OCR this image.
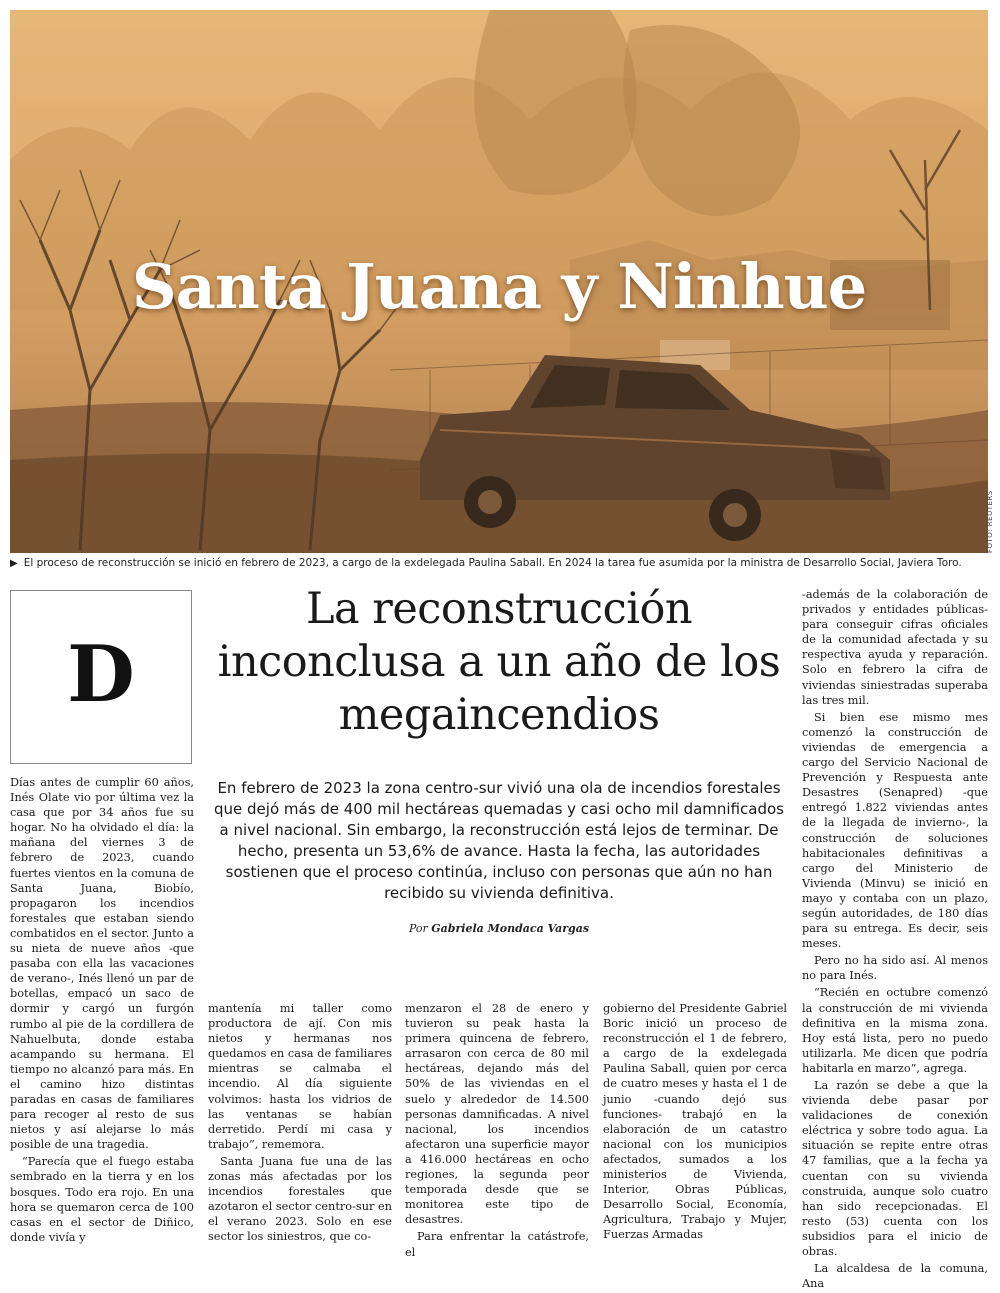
Santa Juana y Ninhue
FOTO: REUTERS
▶ El proceso de reconstrucción se inició en febrero de 2023, a cargo de la exdelegada Paulina Saball. En 2024 la tarea fue asumida por la ministra de Desarrollo Social, Javiera Toro.
D
La reconstrucción inconclusa a un año de los megaincendios
En febrero de 2023 la zona centro-sur vivió una ola de incendios forestales que dejó más de 400 mil hectáreas quemadas y casi ocho mil damnificados a nivel nacional. Sin embargo, la reconstrucción está lejos de terminar. De hecho, presenta un 53,6% de avance. Hasta la fecha, las autoridades sostienen que el proceso continúa, incluso con personas que aún no han recibido su vivienda definitiva.
Por Gabriela Mondaca Vargas

Días antes de cumplir 60 años, Inés Olate vio por última vez la casa que por 34 años fue su hogar. No ha olvidado el día: la mañana del viernes 3 de febrero de 2023, cuando fuertes vientos en la comuna de Santa Juana, Biobío, propagaron los incendios forestales que estaban siendo combatidos en el sector. Junto a su nieta de nueve años -que pasaba con ella las vacaciones de verano-, Inés llenó un par de botellas, empacó un saco de dormir y cargó un furgón rumbo al pie de la cordillera de Nahuelbuta, donde estaba acampando su hermana. El tiempo no alcanzó para más. En el camino hizo distintas paradas en casas de familiares para recoger al resto de sus nietos y así alejarse lo más posible de una tragedia.

“Parecía que el fuego estaba sembrado en la tierra y en los bosques. Todo era rojo. En una hora se quemaron cerca de 100 casas en el sector de Diñico, donde vivía y

mantenía mi taller como productora de ají. Con mis nietos y hermanas nos quedamos en casa de familiares mientras se calmaba el incendio. Al día siguiente volvimos: hasta los vidrios de las ventanas se habían derretido. Perdí mi casa y trabajo”, rememora.

Santa Juana fue una de las zonas más afectadas por los incendios forestales que azotaron el sector centro-sur en el verano 2023. Solo en ese sector los siniestros, que co-

menzaron el 28 de enero y tuvieron su peak hasta la primera quincena de febrero, arrasaron con cerca de 80 mil hectáreas, dejando más del 50% de las viviendas en el suelo y alrededor de 14.500 personas damnificadas. A nivel nacional, los incendios afectaron una superficie mayor a 416.000 hectáreas en ocho regiones, la segunda peor temporada desde que se monitorea este tipo de desastres.

Para enfrentar la catástrofe, el

gobierno del Presidente Gabriel Boric inició un proceso de reconstrucción el 1 de febrero, a cargo de la exdelegada Paulina Saball, quien por cerca de cuatro meses y hasta el 1 de junio -cuando dejó sus funciones- trabajó en la elaboración de un catastro nacional con los municipios afectados, sumados a los ministerios de Vivienda, Interior, Obras Públicas, Desarrollo Social, Economía, Agricultura, Trabajo y Mujer, Fuerzas Armadas

-además de la colaboración de privados y entidades públicas- para conseguir cifras oficiales de la comunidad afectada y su respectiva ayuda y reparación. Solo en febrero la cifra de viviendas siniestradas superaba las tres mil.

Si bien ese mismo mes comenzó la construcción de viviendas de emergencia a cargo del Servicio Nacional de Prevención y Respuesta ante Desastres (Senapred) -que entregó 1.822 viviendas antes de la llegada de invierno-, la construcción de soluciones habitacionales definitivas a cargo del Ministerio de Vivienda (Minvu) se inició en mayo y contaba con un plazo, según autoridades, de 180 días para su entrega. Es decir, seis meses.

Pero no ha sido así. Al menos no para Inés.

“Recién en octubre comenzó la construcción de mi vivienda definitiva en la misma zona. Hoy está lista, pero no puedo utilizarla. Me dicen que podría habitarla en marzo”, agrega.

La razón se debe a que la vivienda debe pasar por validaciones de conexión eléctrica y sobre todo agua. La situación se repite entre otras 47 familias, que a la fecha ya cuentan con su vivienda construida, aunque solo cuatro han sido recepcionadas. El resto (53) cuenta con los subsidios para el inicio de obras.

La alcaldesa de la comuna, Ana
